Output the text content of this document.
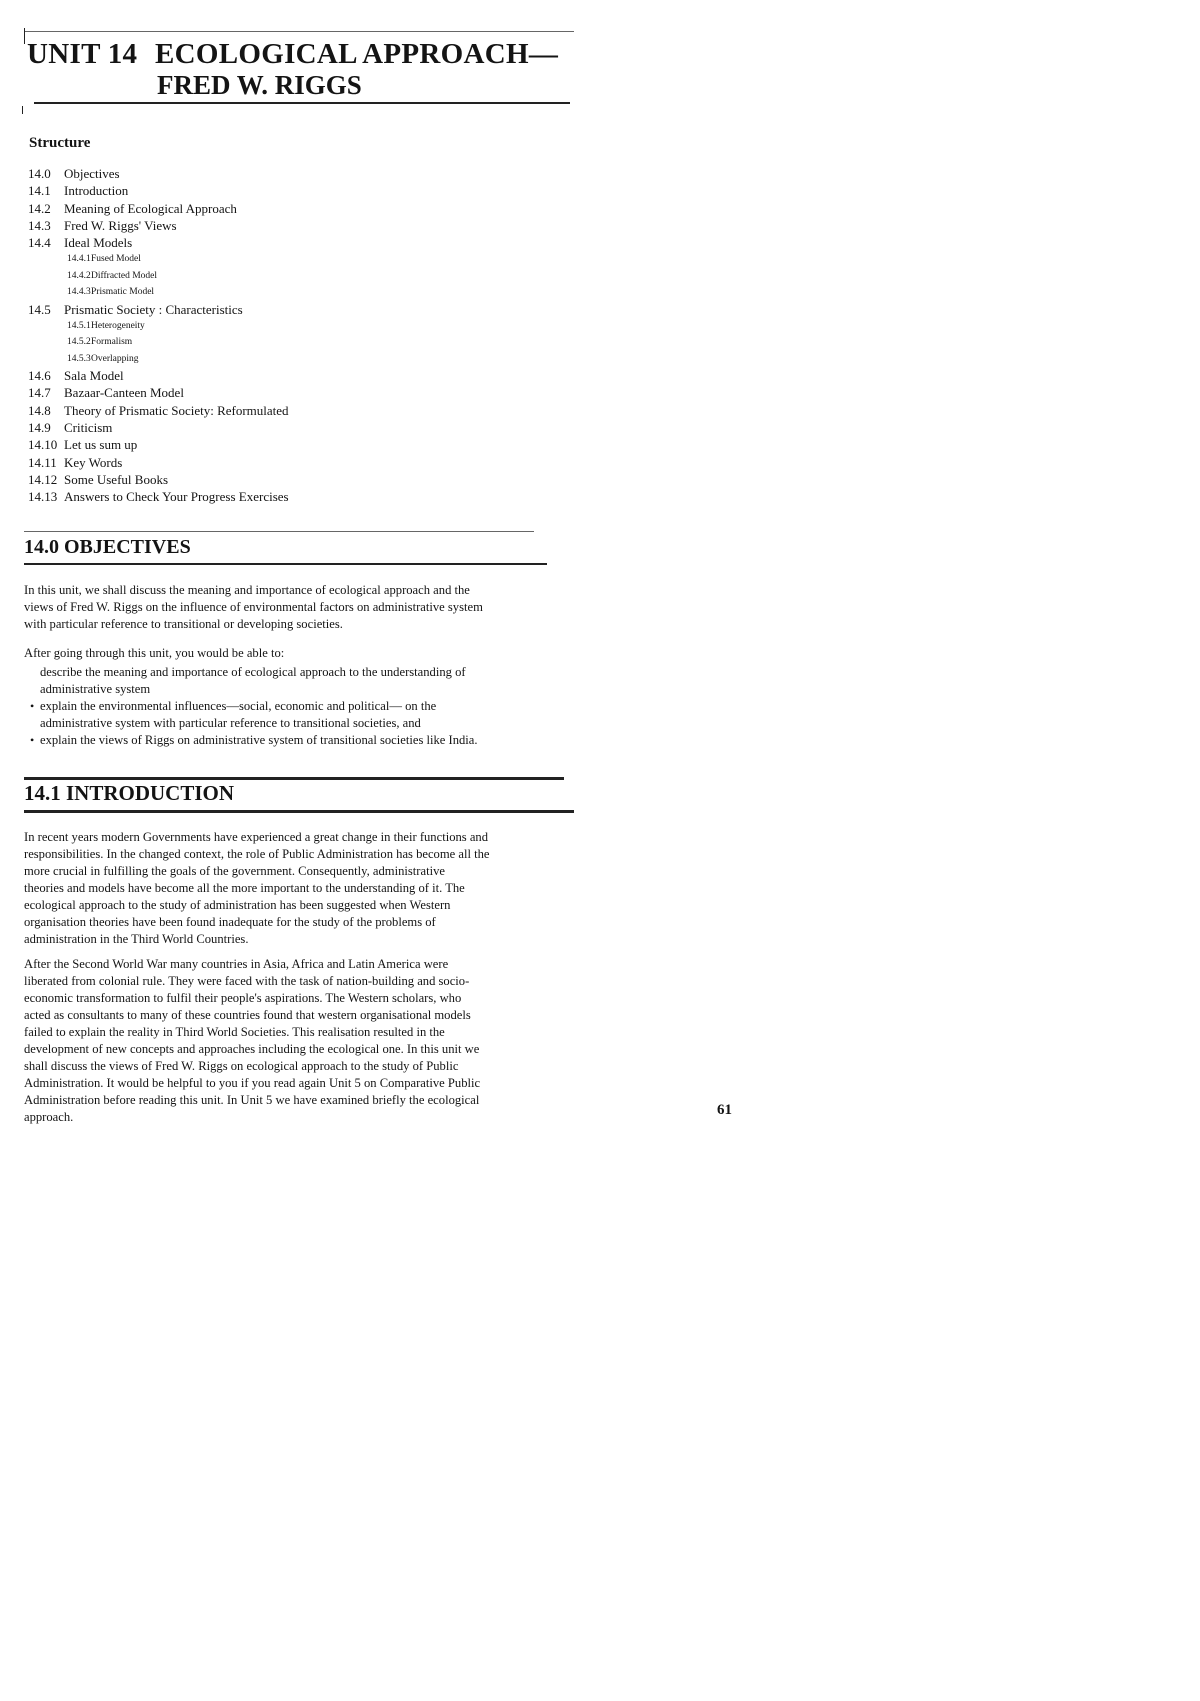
UNIT 14 ECOLOGICAL APPROACH—
FRED W. RIGGS
Structure
14.0 Objectives
14.1 Introduction
14.2 Meaning of Ecological Approach
14.3 Fred W. Riggs' Views
14.4 Ideal Models
14.4.1Fused Model
14.4.2Diffracted Model
14.4.3Prismatic Model
14.5 Prismatic Society : Characteristics
14.5.1Heterogeneity
14.5.2Formalism
14.5.3Overlapping
14.6 Sala Model
14.7 Bazaar-Canteen Model
14.8 Theory of Prismatic Society: Reformulated
14.9 Criticism
14.10 Let us sum up
14.11 Key Words
14.12 Some Useful Books
14.13 Answers to Check Your Progress Exercises
14.0 OBJECTIVES
In this unit, we shall discuss the meaning and importance of ecological approach and the
views of Fred W. Riggs on the influence of environmental factors on administrative system
with particular reference to transitional or developing societies.
After going through this unit, you would be able to:
describe the meaning and importance of ecological approach to the understanding of
administrative system
• explain the environmental influences—social, economic and political— on the
administrative system with particular reference to transitional societies, and
• explain the views of Riggs on administrative system of transitional societies like India.
14.1 INTRODUCTION
In recent years modern Governments have experienced a great change in their functions and
responsibilities. In the changed context, the role of Public Administration has become all the
more crucial in fulfilling the goals of the government. Consequently, administrative
theories and models have become all the more important to the understanding of it. The
ecological approach to the study of administration has been suggested when Western
organisation theories have been found inadequate for the study of the problems of
administration in the Third World Countries.
After the Second World War many countries in Asia, Africa and Latin America were
liberated from colonial rule. They were faced with the task of nation-building and socio-
economic transformation to fulfil their people's aspirations. The Western scholars, who
acted as consultants to many of these countries found that western organisational models
failed to explain the reality in Third World Societies. This realisation resulted in the
development of new concepts and approaches including the ecological one. In this unit we
shall discuss the views of Fred W. Riggs on ecological approach to the study of Public
Administration. It would be helpful to you if you read again Unit 5 on Comparative Public
Administration before reading this unit. In Unit 5 we have examined briefly the ecological
approach.	61
